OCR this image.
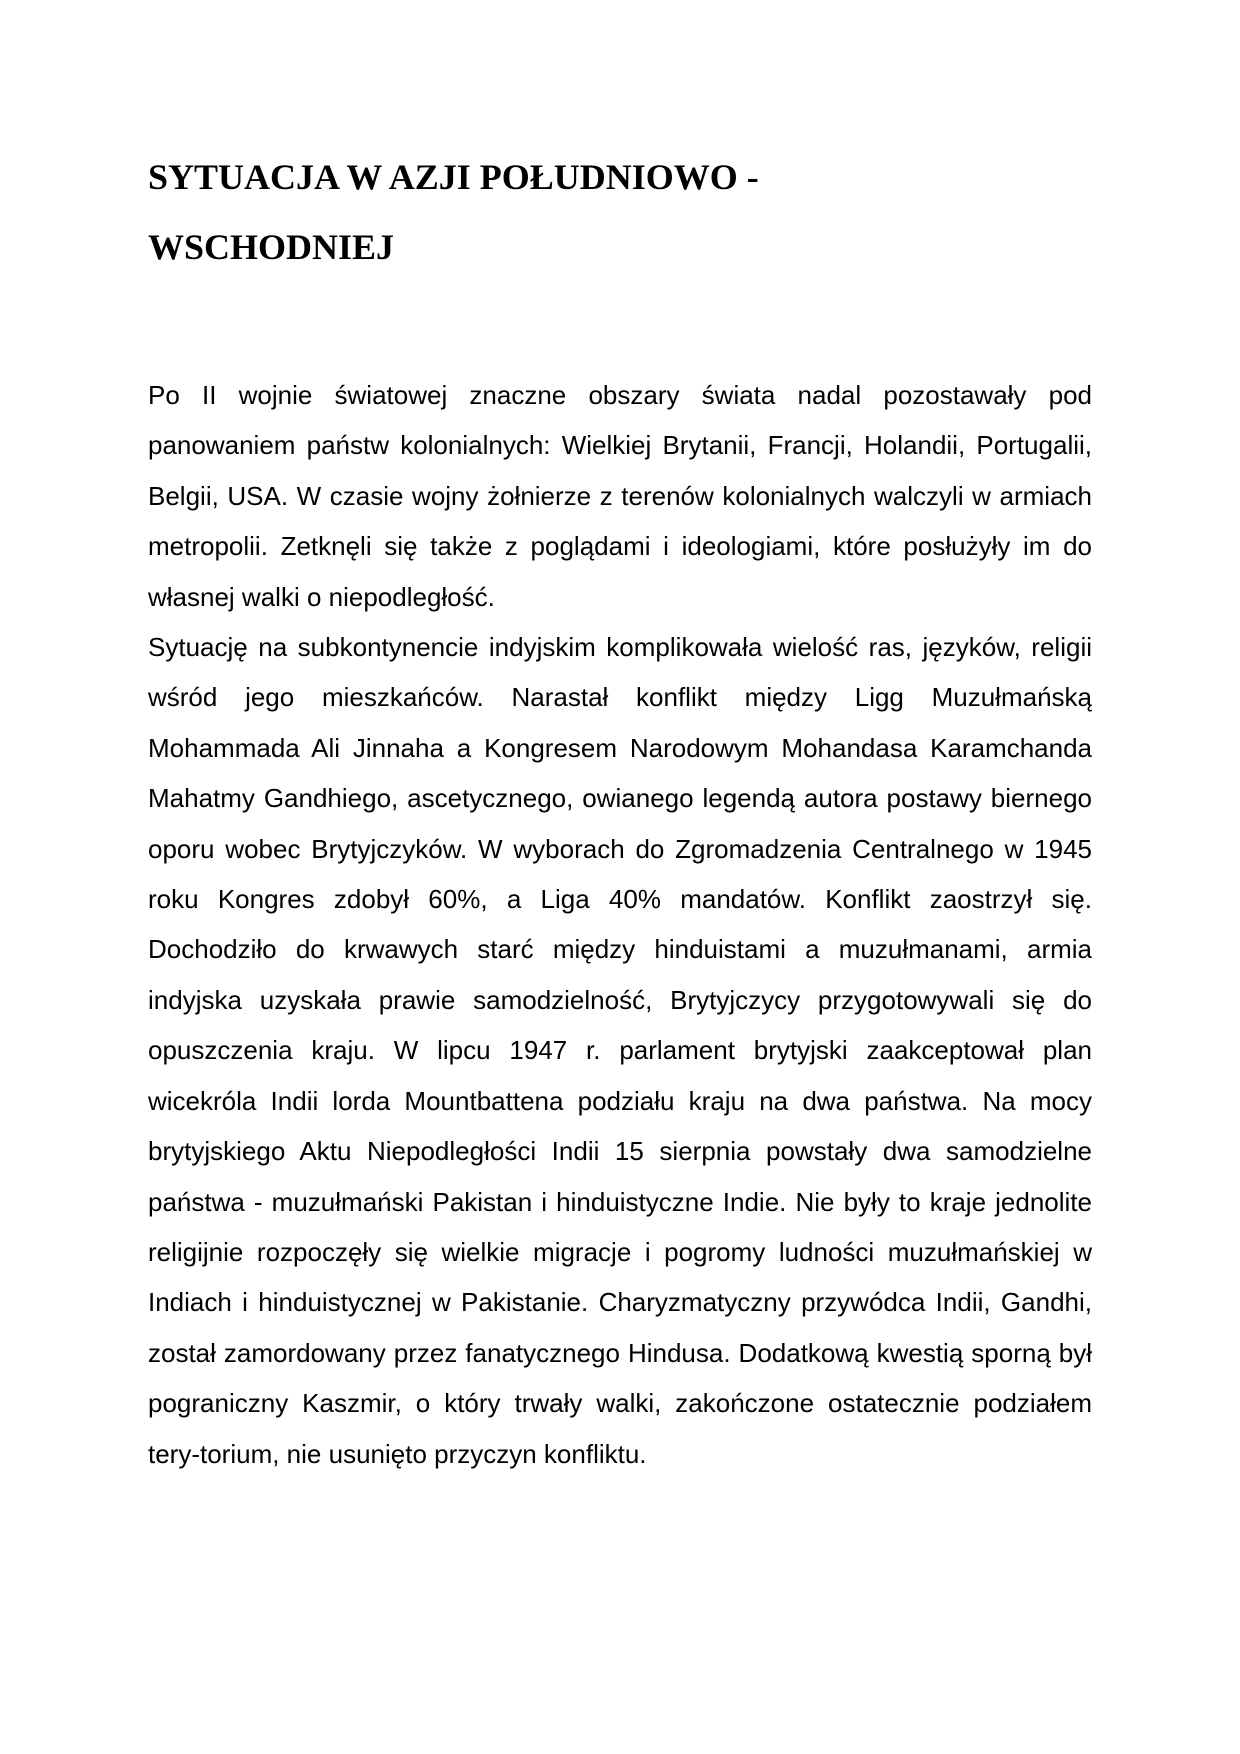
SYTUACJA W AZJI POŁUDNIOWO -
WSCHODNIEJ

Po II wojnie światowej znaczne obszary świata nadal pozostawały pod panowaniem państw kolonialnych: Wielkiej Brytanii, Francji, Holandii, Portugalii, Belgii, USA. W czasie wojny żołnierze z terenów kolonialnych walczyli w armiach metropolii. Zetknęli się także z poglądami i ideologiami, które posłużyły im do własnej walki o niepodległość.

Sytuację na subkontynencie indyjskim komplikowała wielość ras, języków, religii wśród jego mieszkańców. Narastał konflikt między Ligg Muzułmańską Mohammada Ali Jinnaha a Kongresem Narodowym Mohandasa Karamchanda Mahatmy Gandhiego, ascetycznego, owianego legendą autora postawy biernego oporu wobec Brytyjczyków. W wyborach do Zgromadzenia Centralnego w 1945 roku Kongres zdobył 60%, a Liga 40% mandatów. Konflikt zaostrzył się. Dochodziło do krwawych starć między hinduistami a muzułmanami, armia indyjska uzyskała prawie samodzielność, Brytyjczycy przygotowywali się do opuszczenia kraju. W lipcu 1947 r. parlament brytyjski zaakceptował plan wicekróla Indii lorda Mountbattena podziału kraju na dwa państwa. Na mocy brytyjskiego Aktu Niepodległości Indii 15 sierpnia powstały dwa samodzielne państwa - muzułmański Pakistan i hinduistyczne Indie. Nie były to kraje jednolite religijnie rozpoczęły się wielkie migracje i pogromy ludności muzułmańskiej w Indiach i hinduistycznej w Pakistanie. Charyzmatyczny przywódca Indii, Gandhi, został zamordowany przez fanatycznego Hindusa. Dodatkową kwestią sporną był pograniczny Kaszmir, o który trwały walki, zakończone ostatecznie podziałem tery-torium, nie usunięto przyczyn konfliktu.
